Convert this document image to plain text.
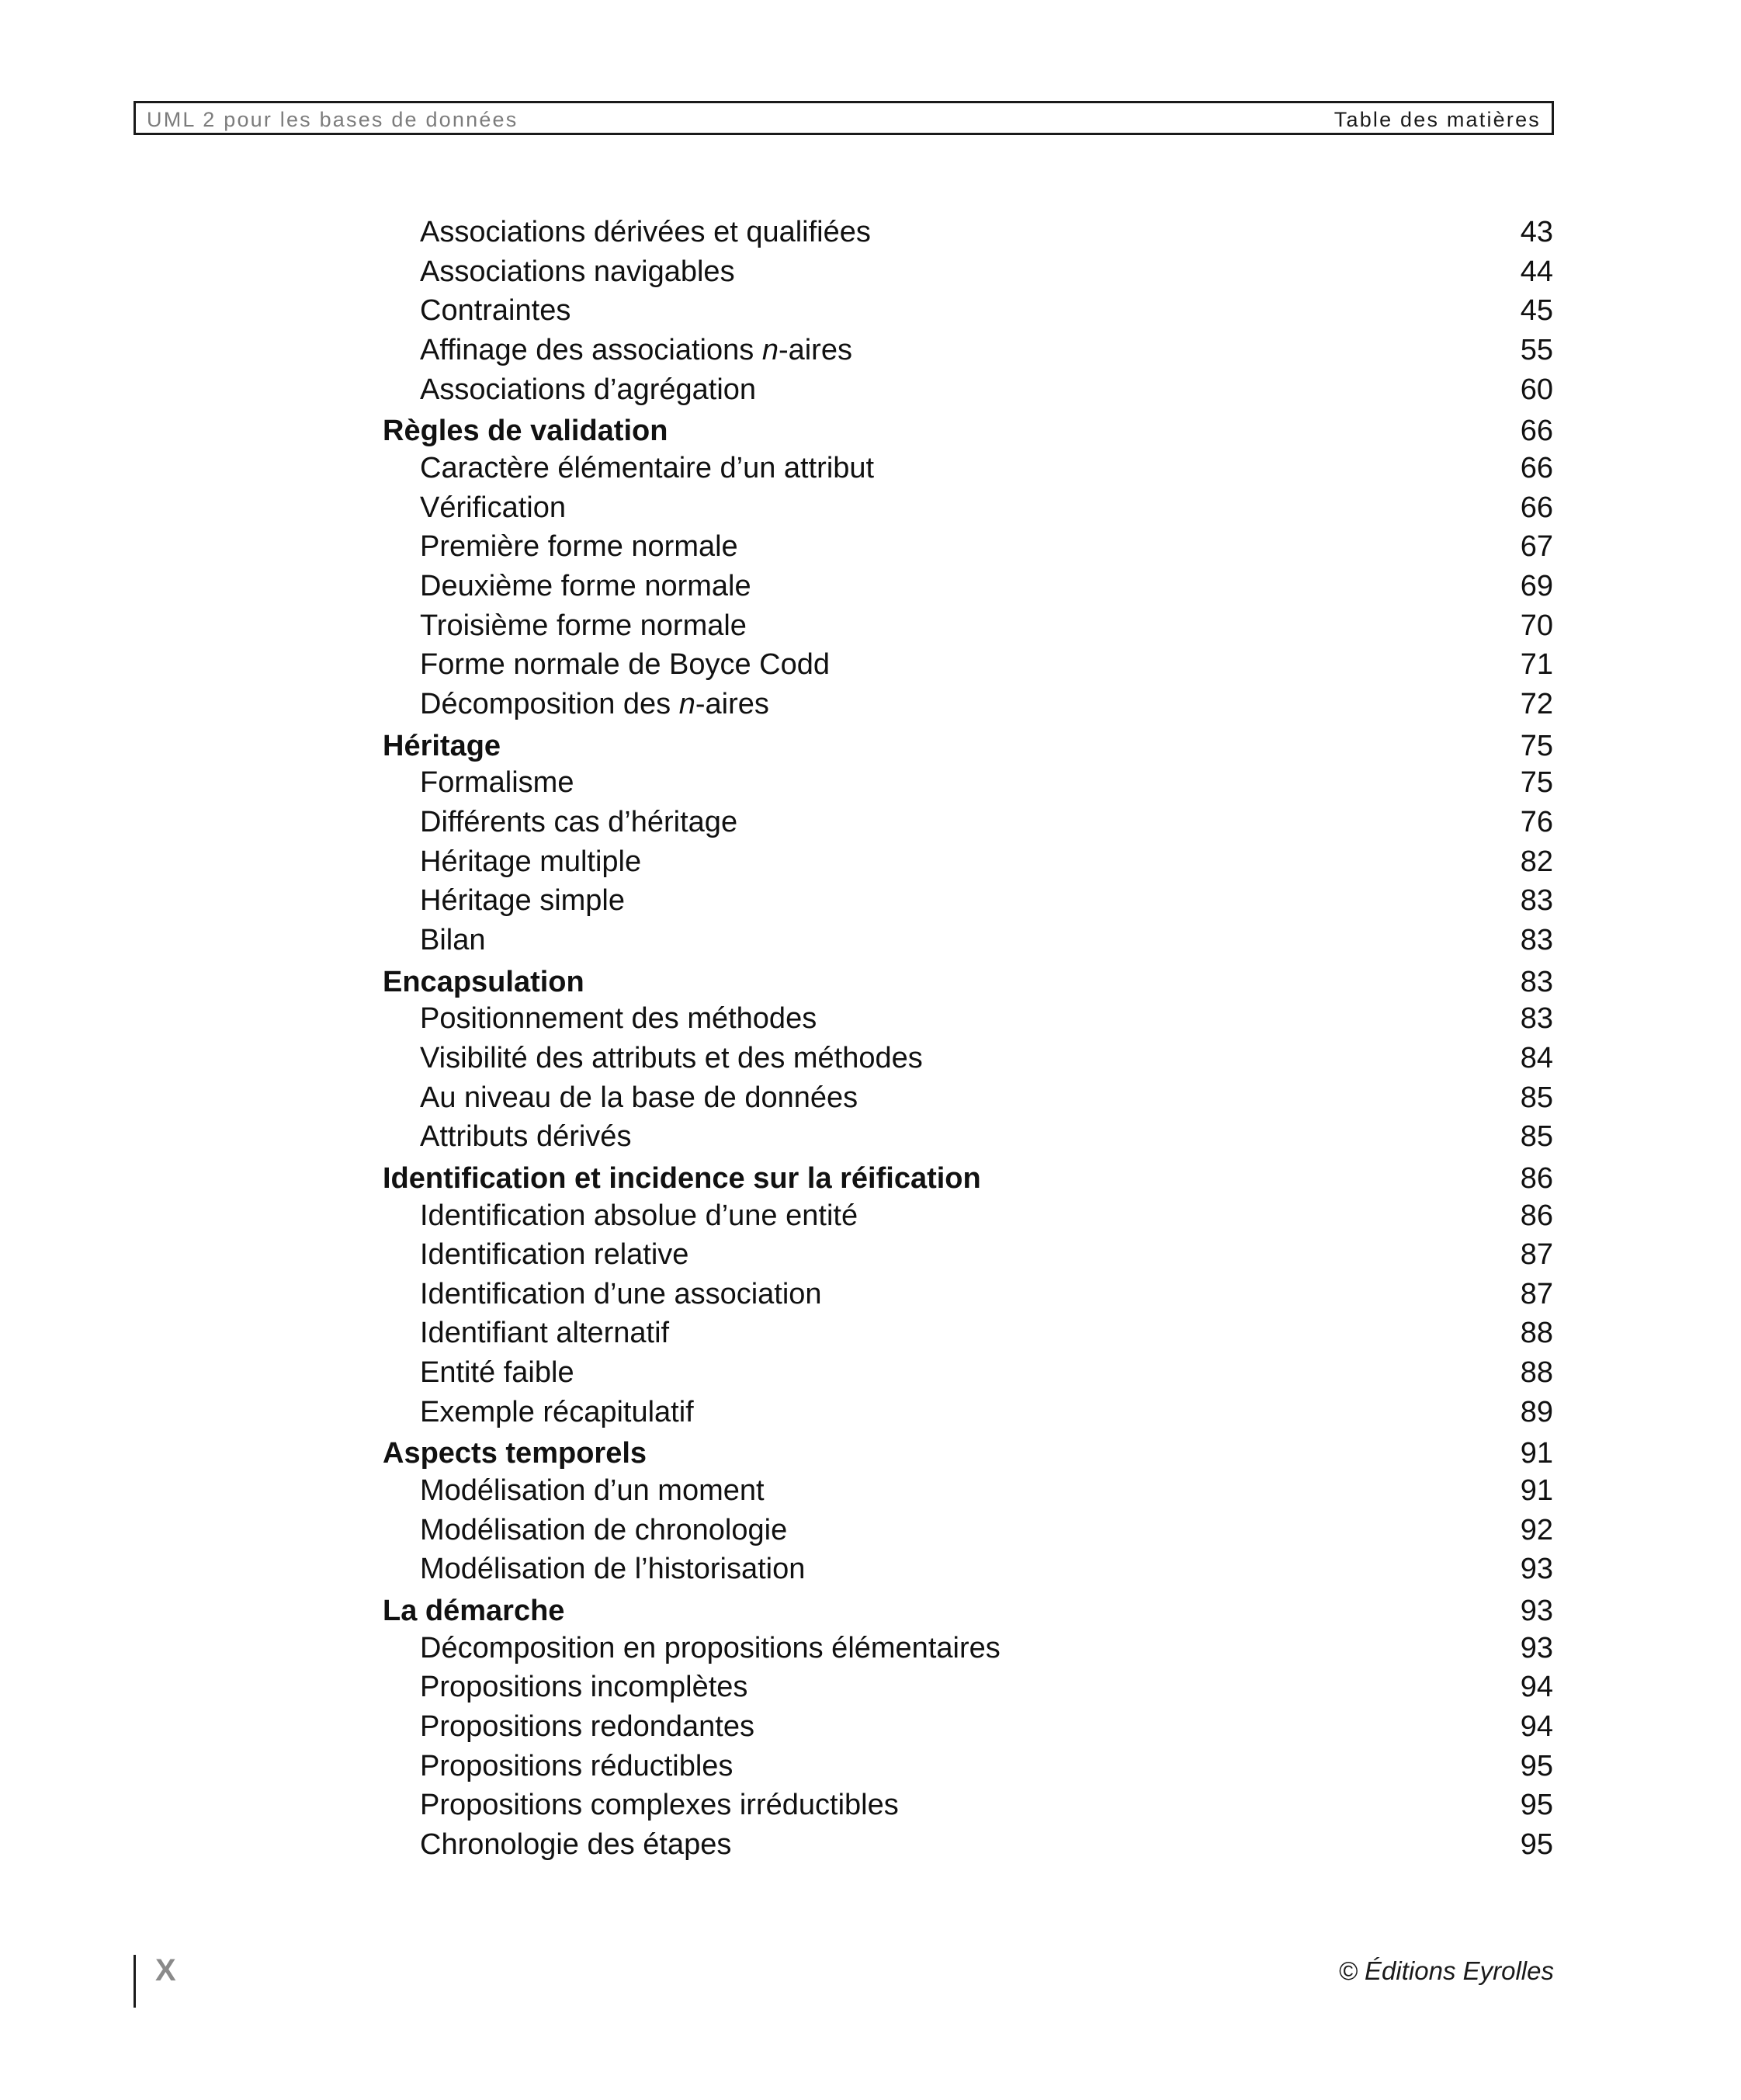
UML 2 pour les bases de données	Table des matières
Associations dérivées et qualifiées	43
Associations navigables	44
Contraintes	45
Affinage des associations n-aires	55
Associations d’agrégation	60
Règles de validation	66
Caractère élémentaire d’un attribut	66
Vérification	66
Première forme normale	67
Deuxième forme normale	69
Troisième forme normale	70
Forme normale de Boyce Codd	71
Décomposition des n-aires	72
Héritage	75
Formalisme	75
Différents cas d’héritage	76
Héritage multiple	82
Héritage simple	83
Bilan	83
Encapsulation	83
Positionnement des méthodes	83
Visibilité des attributs et des méthodes	84
Au niveau de la base de données	85
Attributs dérivés	85
Identification et incidence sur la réification	86
Identification absolue d’une entité	86
Identification relative	87
Identification d’une association	87
Identifiant alternatif	88
Entité faible	88
Exemple récapitulatif	89
Aspects temporels	91
Modélisation d’un moment	91
Modélisation de chronologie	92
Modélisation de l’historisation	93
La démarche	93
Décomposition en propositions élémentaires	93
Propositions incomplètes	94
Propositions redondantes	94
Propositions réductibles	95
Propositions complexes irréductibles	95
Chronologie des étapes	95
X	© Éditions Eyrolles
